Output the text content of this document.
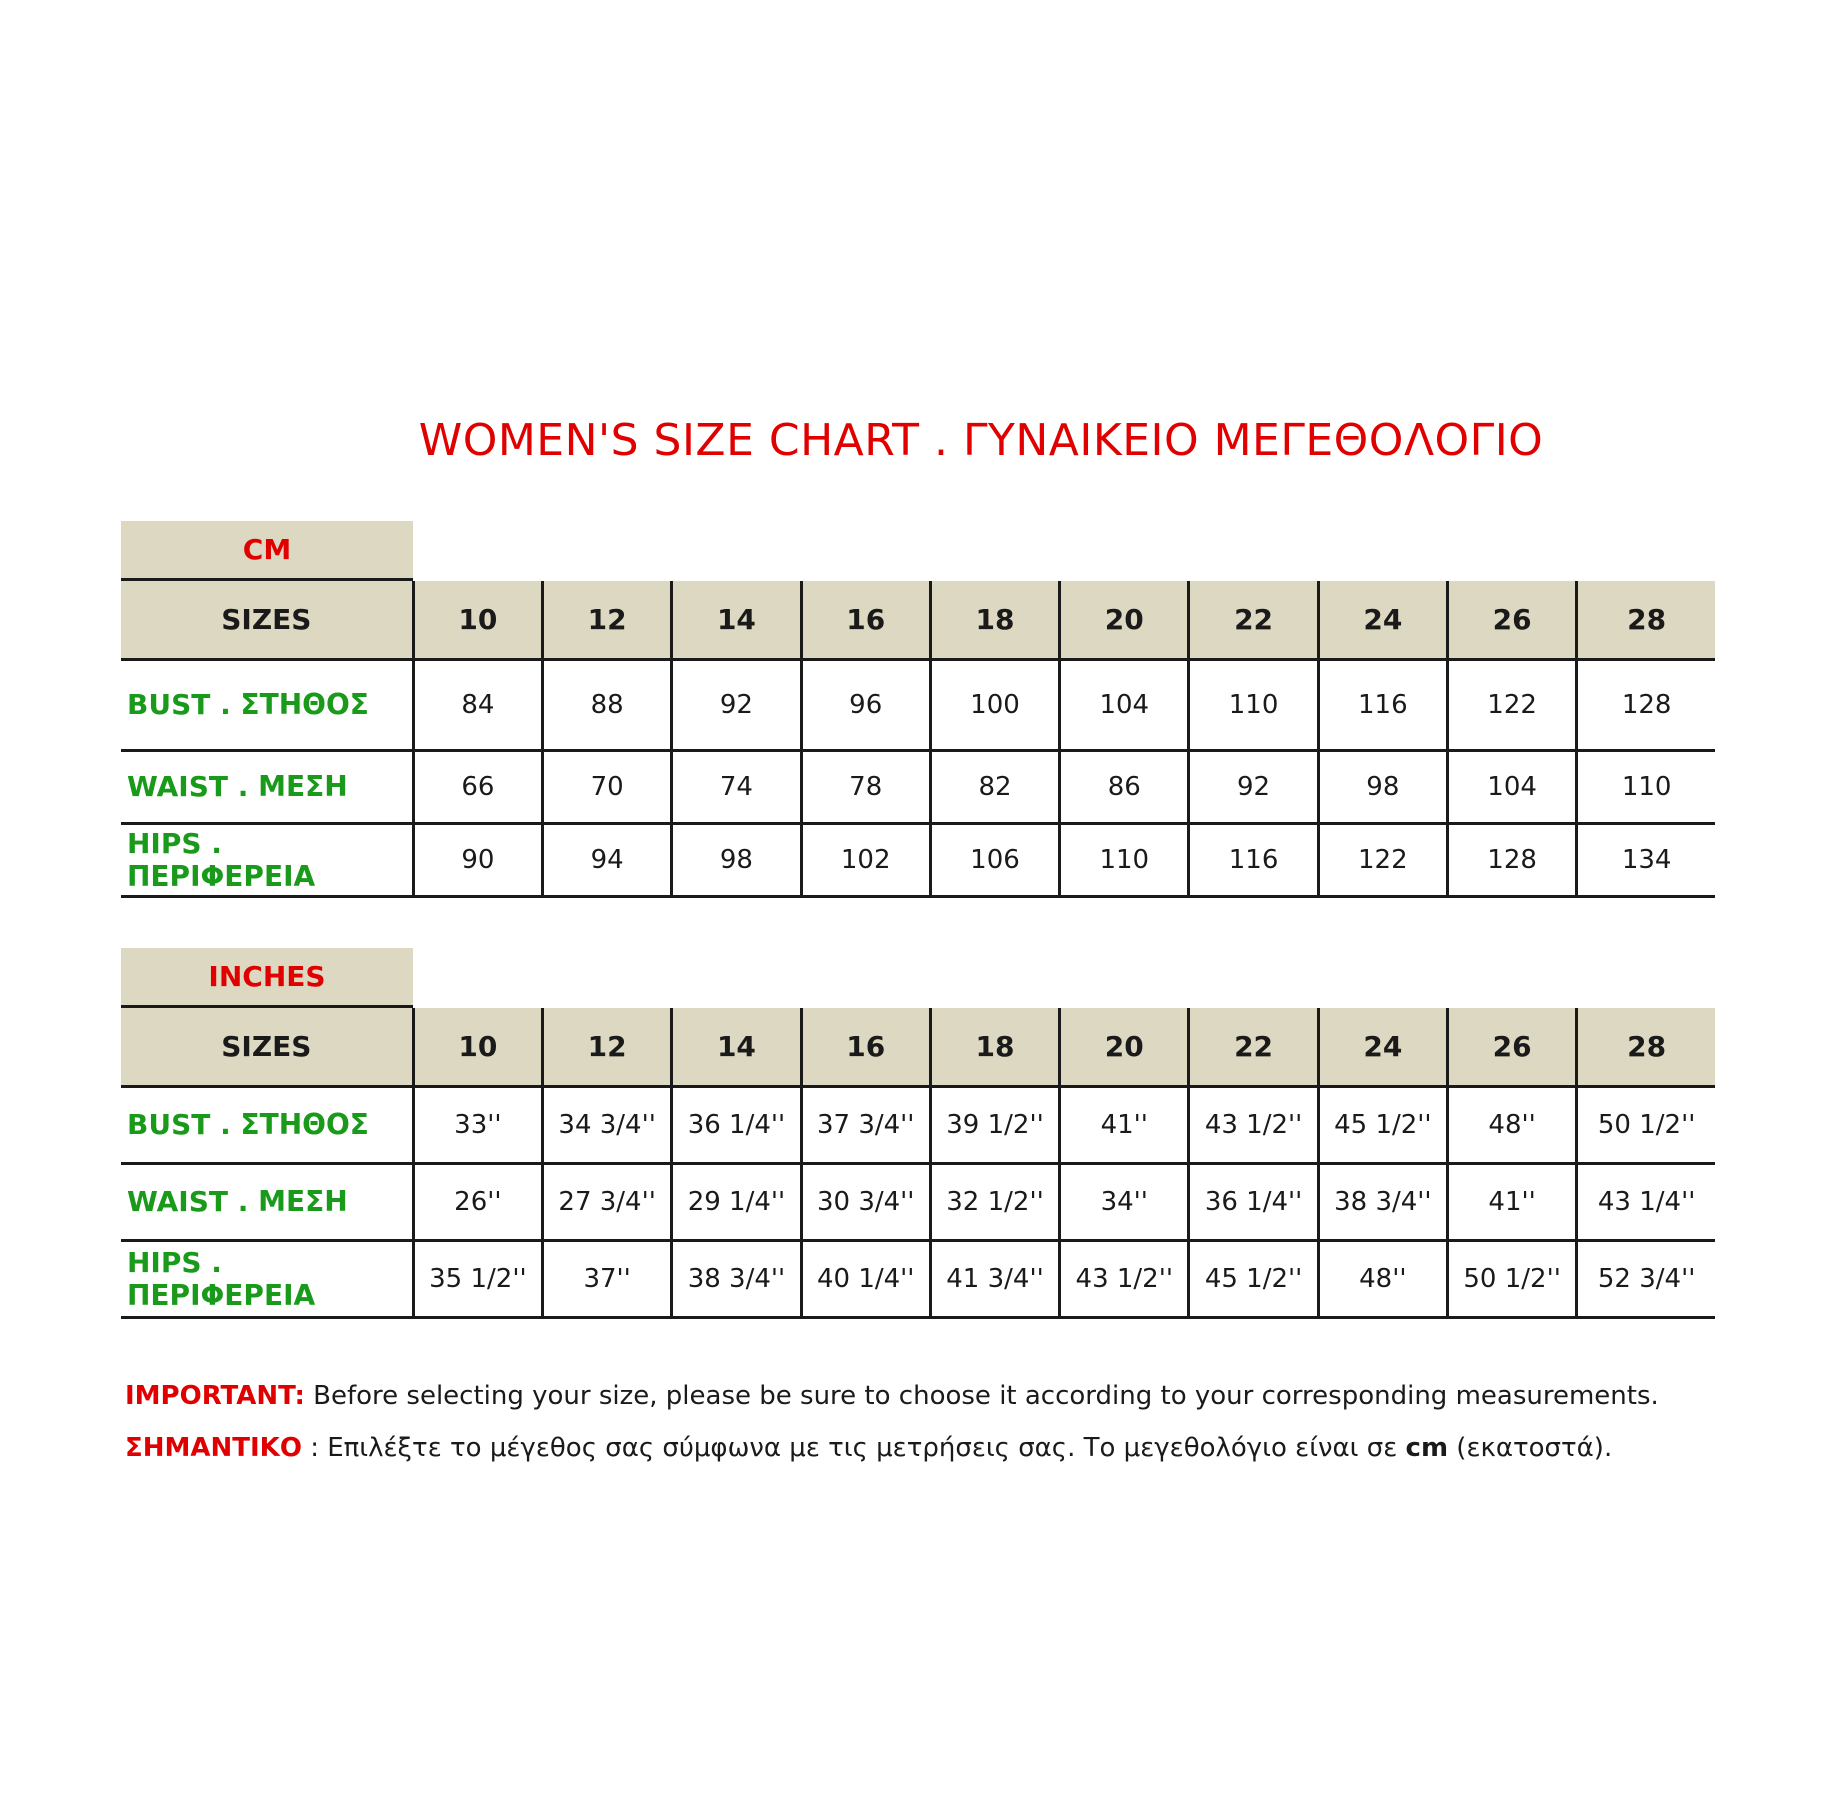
WOMEN'S SIZE CHART . ΓΥΝΑΙΚΕΙΟ ΜΕΓΕΘΟΛΟΓΙΟ
CM
SIZES	10	12	14	16	18	20	22	24	26	28
BUST . ΣΤΗΘΟΣ	84	88	92	96	100	104	110	116	122	128
WAIST . ΜΕΣΗ	66	70	74	78	82	86	92	98	104	110
HIPS . ΠΕΡΙΦΕΡΕΙΑ	90	94	98	102	106	110	116	122	128	134
INCHES
SIZES	10	12	14	16	18	20	22	24	26	28
BUST . ΣΤΗΘΟΣ	33''	34 3/4''	36 1/4''	37 3/4''	39 1/2''	41''	43 1/2''	45 1/2''	48''	50 1/2''
WAIST . ΜΕΣΗ	26''	27 3/4''	29 1/4''	30 3/4''	32 1/2''	34''	36 1/4''	38 3/4''	41''	43 1/4''
HIPS . ΠΕΡΙΦΕΡΕΙΑ	35 1/2''	37''	38 3/4''	40 1/4''	41 3/4''	43 1/2''	45 1/2''	48''	50 1/2''	52 3/4''
IMPORTANT: Before selecting your size, please be sure to choose it according to your corresponding measurements.
ΣΗΜΑΝΤΙΚΟ : Επιλέξτε το μέγεθος σας σύμφωνα με τις μετρήσεις σας. Το μεγεθολόγιο είναι σε cm (εκατοστά).
